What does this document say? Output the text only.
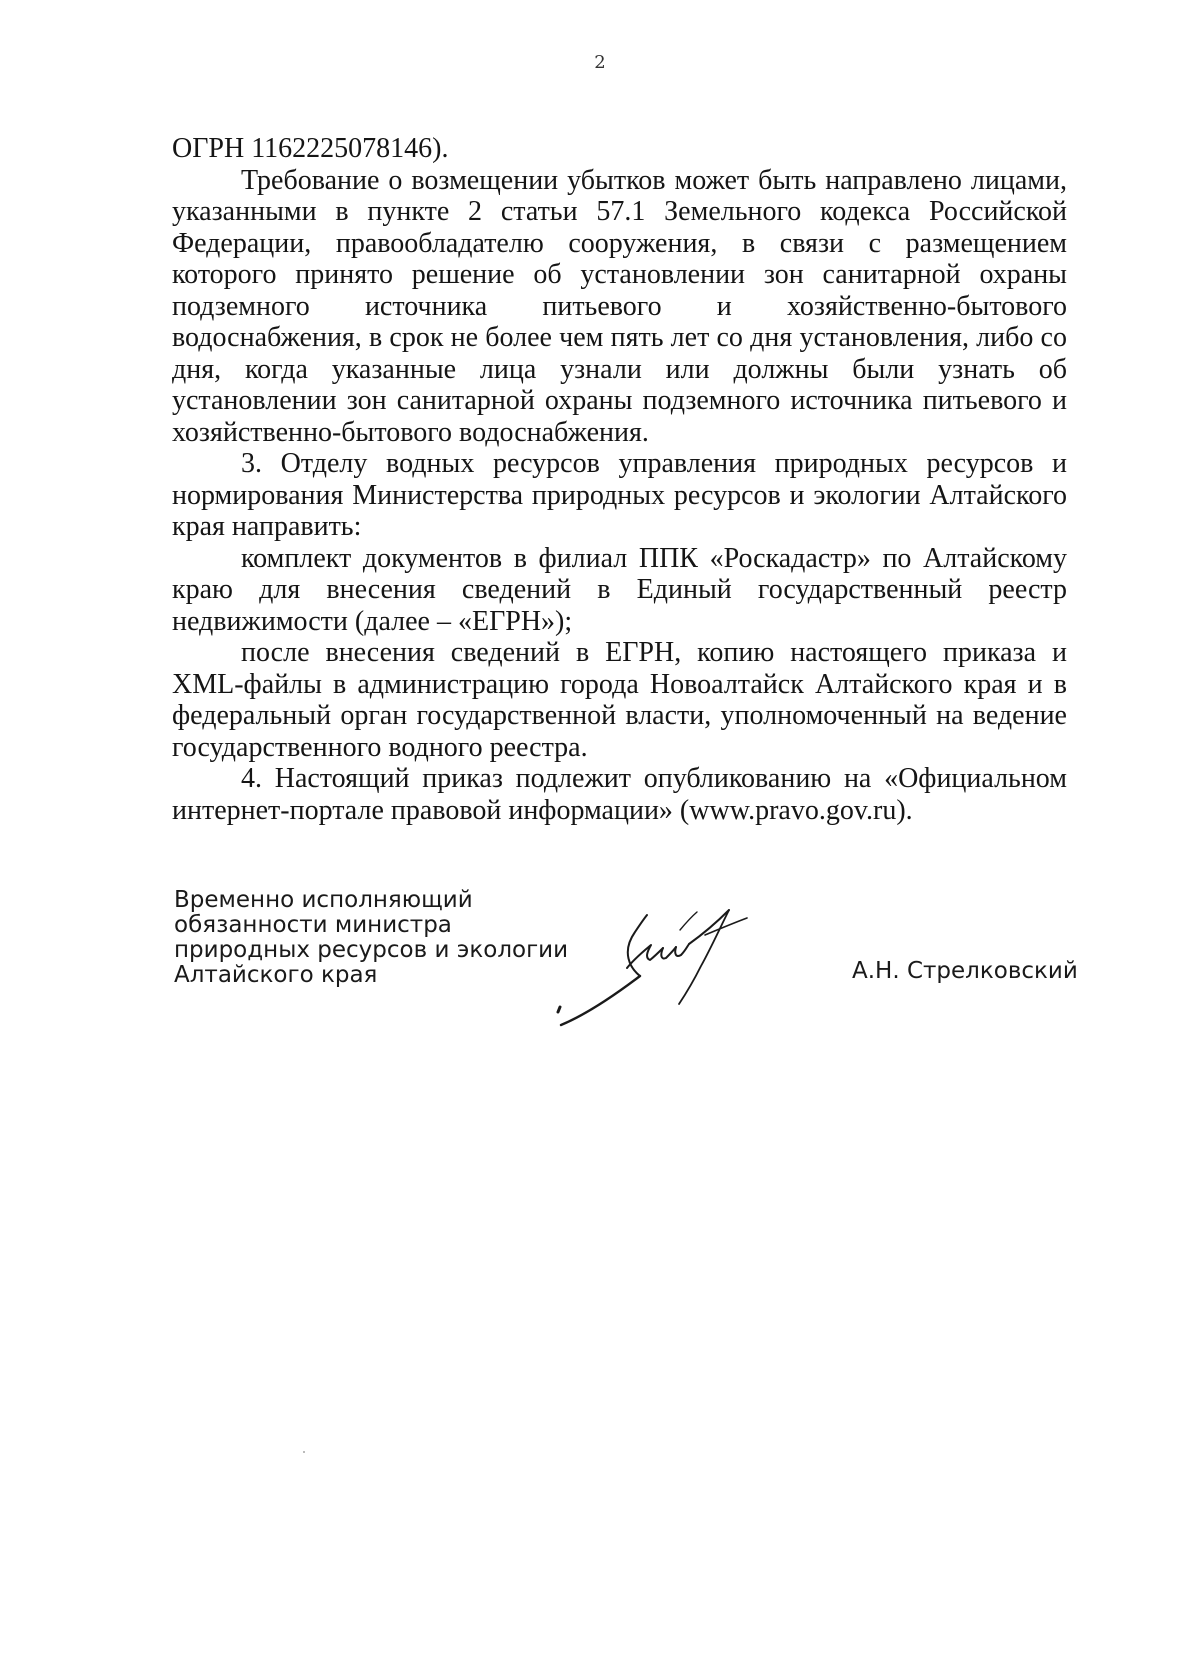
2

ОГРН 1162225078146).

Требование о возмещении убытков может быть направлено лицами, указанными в пункте 2 статьи 57.1 Земельного кодекса Российской Федерации, правообладателю сооружения, в связи с размещением которого принято решение об установлении зон санитарной охраны подземного источника питьевого и хозяйственно-бытового водоснабжения, в срок не более чем пять лет со дня установления, либо со дня, когда указанные лица узнали или должны были узнать об установлении зон санитарной охраны подземного источника питьевого и хозяйственно-бытового водоснабжения.

3. Отделу водных ресурсов управления природных ресурсов и нормирования Министерства природных ресурсов и экологии Алтайского края направить:

комплект документов в филиал ППК «Роскадастр» по Алтайскому краю для внесения сведений в Единый государственный реестр недвижимости (далее – «ЕГРН»);

после внесения сведений в ЕГРН, копию настоящего приказа и XML-файлы в администрацию города Новоалтайск Алтайского края и в федеральный орган государственной власти, уполномоченный на ведение государственного водного реестра.

4. Настоящий приказ подлежит опубликованию на «Официальном интернет-портале правовой информации» (www.pravo.gov.ru).

Временно исполняющий
обязанности министра
природных ресурсов и экологии
Алтайского края	А.Н. Стрелковский
